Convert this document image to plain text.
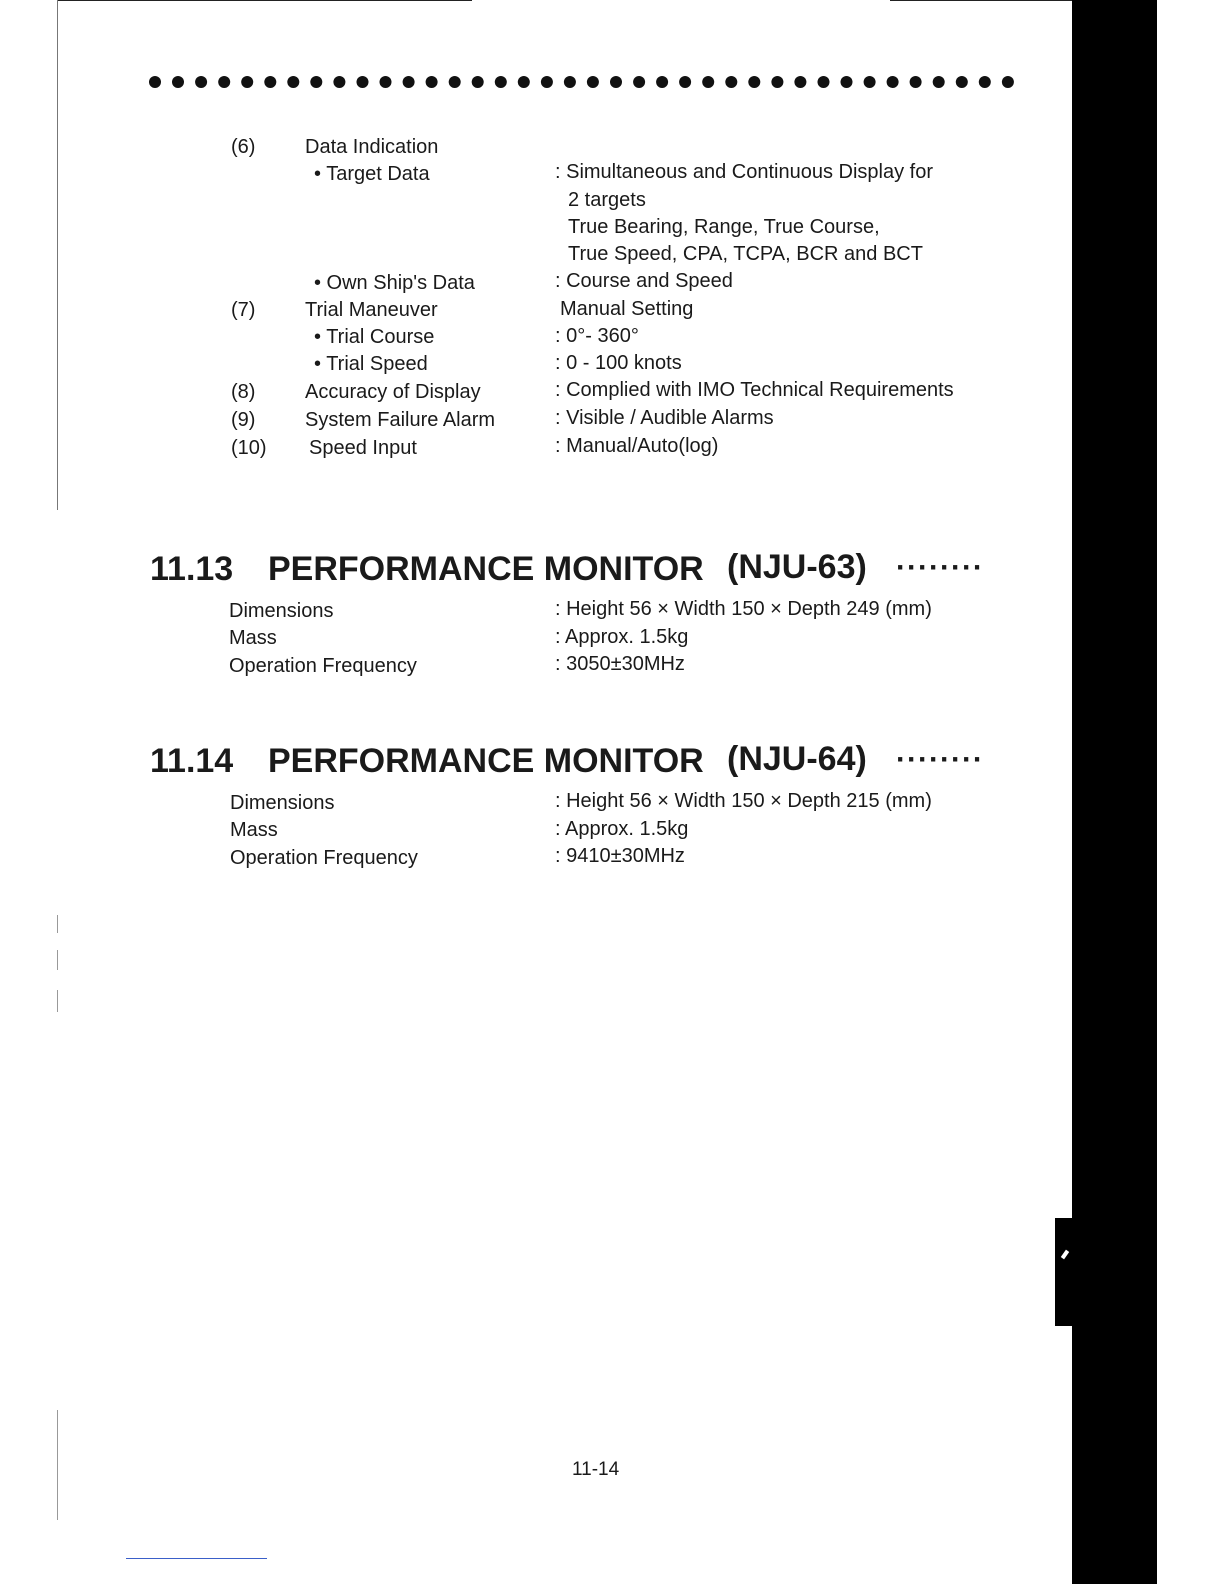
(6) Data Indication
• Target Data	: Simultaneous and Continuous Display for
2 targets
True Bearing, Range, True Course,
True Speed, CPA, TCPA, BCR and BCT
• Own Ship's Data	: Course and Speed
(7) Trial Maneuver	Manual Setting
• Trial Course	: 0°- 360°
• Trial Speed	: 0 - 100 knots
(8) Accuracy of Display	: Complied with IMO Technical Requirements
(9) System Failure Alarm	: Visible / Audible Alarms
(10) Speed Input	: Manual/Auto(log)
11.13 PERFORMANCE MONITOR (NJU-63) ········
Dimensions	: Height 56 × Width 150 × Depth 249 (mm)
Mass	: Approx. 1.5kg
Operation Frequency	: 3050±30MHz
11.14 PERFORMANCE MONITOR (NJU-64) ········
Dimensions	: Height 56 × Width 150 × Depth 215 (mm)
Mass	: Approx. 1.5kg
Operation Frequency	: 9410±30MHz
11-14
